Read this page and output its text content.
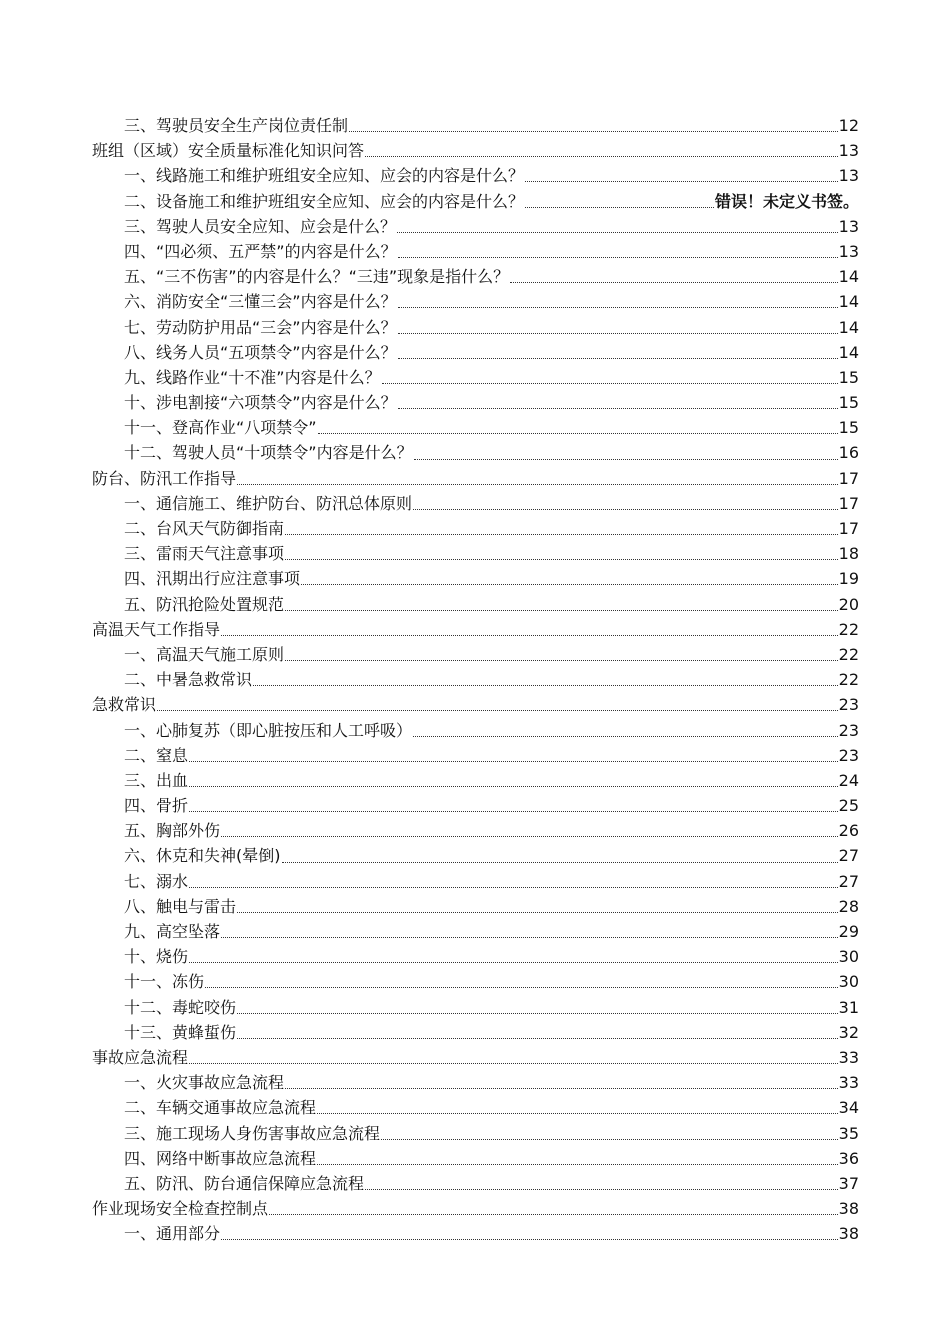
三、驾驶员安全生产岗位责任制	12
班组（区域）安全质量标准化知识问答	13
一、线路施工和维护班组安全应知、应会的内容是什么？	13
二、设备施工和维护班组安全应知、应会的内容是什么？	错误！未定义书签。
三、驾驶人员安全应知、应会是什么？	13
四、“四必须、五严禁”的内容是什么？	13
五、“三不伤害”的内容是什么？“三违”现象是指什么？	14
六、消防安全“三懂三会”内容是什么？	14
七、劳动防护用品“三会”内容是什么？	14
八、线务人员“五项禁令”内容是什么？	14
九、线路作业“十不准”内容是什么？	15
十、涉电割接“六项禁令”内容是什么？	15
十一、登高作业“八项禁令”	15
十二、驾驶人员“十项禁令”内容是什么？	16
防台、防汛工作指导	17
一、通信施工、维护防台、防汛总体原则	17
二、台风天气防御指南	17
三、雷雨天气注意事项	18
四、汛期出行应注意事项	19
五、防汛抢险处置规范	20
高温天气工作指导	22
一、高温天气施工原则	22
二、中暑急救常识	22
急救常识	23
一、心肺复苏（即心脏按压和人工呼吸）	23
二、窒息	23
三、出血	24
四、骨折	25
五、胸部外伤	26
六、休克和失神(晕倒)	27
七、溺水	27
八、触电与雷击	28
九、高空坠落	29
十、烧伤	30
十一、冻伤	30
十二、毒蛇咬伤	31
十三、黄蜂蜇伤	32
事故应急流程	33
一、火灾事故应急流程	33
二、车辆交通事故应急流程	34
三、施工现场人身伤害事故应急流程	35
四、网络中断事故应急流程	36
五、防汛、防台通信保障应急流程	37
作业现场安全检查控制点	38
一、通用部分	38
